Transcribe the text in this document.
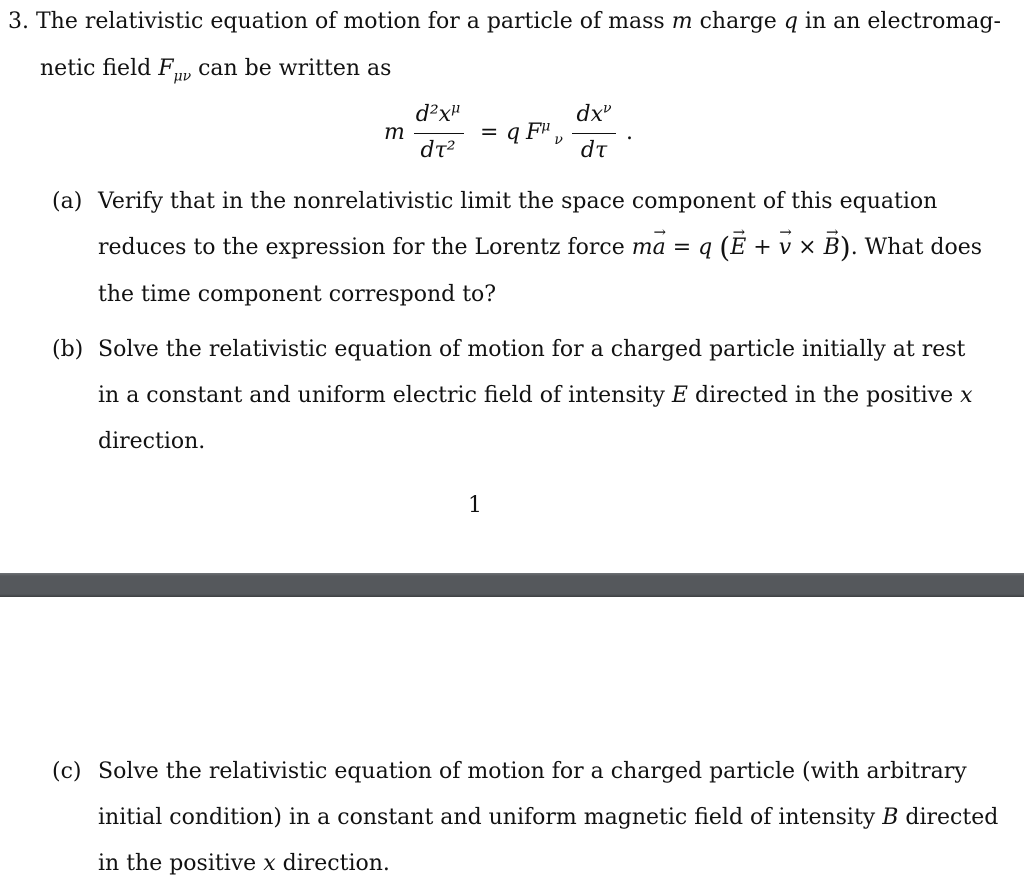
3. The relativistic equation of motion for a particle of mass m charge q in an electromag-
netic field $F_{\mu\nu}$ can be written as
m
$d^2x^\mu$
dτ²
= q $F^\mu_\nu$
$dx^\nu$
dτ
.
(a) Verify that in the nonrelativistic limit the space component of this equation
reduces to the expression for the Lorentz force m→ a = q (→ E + → v × → B). What does
the time component correspond to?
(b) Solve the relativistic equation of motion for a charged particle initially at rest
in a constant and uniform electric field of intensity E directed in the positive x
direction.
1
(c) Solve the relativistic equation of motion for a charged particle (with arbitrary
initial condition) in a constant and uniform magnetic field of intensity B directed
in the positive x direction.
